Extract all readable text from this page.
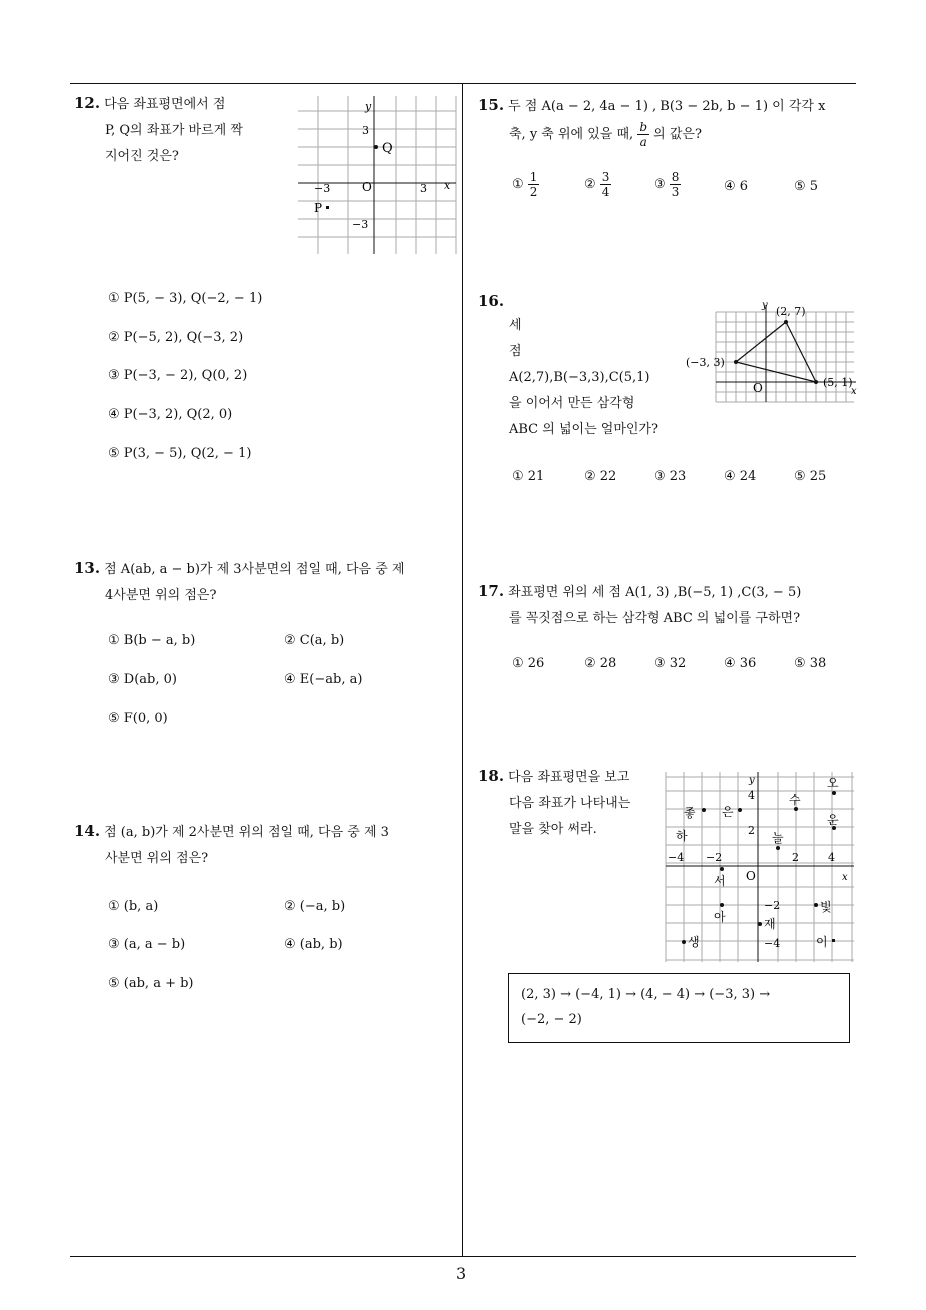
3
12. 다음 좌표평면에서 점
P, Q의 좌표가 바르게 짝
지어진 것은?
y
x
3
−3
−3	3
O
Q
P
① P(5, − 3), Q(−2, − 1)
② P(−5, 2), Q(−3, 2)
③ P(−3, − 2), Q(0, 2)
④ P(−3, 2), Q(2, 0)
⑤ P(3, − 5), Q(2, − 1)
13. 점 A(ab, a − b)가 제 3사분면의 점일 때, 다음 중 제
4사분면 위의 점은?
① B(b − a, b)	② C(a, b)
③ D(ab, 0)	④ E(−ab, a)
⑤ F(0, 0)
14. 점 (a, b)가 제 2사분면 위의 점일 때, 다음 중 제 3
사분면 위의 점은?
① (b, a)	② (−a, b)
③ (a, a − b)	④ (ab, b)
⑤ (ab, a + b)
15. 두 점 A(a − 2, 4a − 1) , B(3 − 2b, b − 1) 이 각각 x
축, y 축 위에 있을 때, $\frac{b}{a}$ 의 값은?
① $\frac{1}{2}$	② $\frac{3}{4}$	③ $\frac{8}{3}$	④ 6	⑤ 5
16.
세
점
A(2,7),B(−3,3),C(5,1)
을 이어서 만든 삼각형
ABC 의 넓이는 얼마인가?
y
x
O
(2, 7)
(−3, 3)
(5, 1)
① 21	② 22	③ 23	④ 24	⑤ 25
17. 좌표평면 위의 세 점 A(1, 3) ,B(−5, 1) ,C(3, − 5)
를 꼭짓점으로 하는 삼각형 ABC 의 넓이를 구하면?
① 26	② 28	③ 32	④ 36	⑤ 38
18. 다음 좌표평면을 보고
다음 좌표가 나타내는
말을 찾아 써라.
y
x
O
4
2
−2
−4
−4 −2	2	4
좋 은
수
오
하	늘
운
서
아
빛
재
생	이
(2, 3) → (−4, 1) → (4, − 4) → (−3, 3) →
(−2, − 2)
